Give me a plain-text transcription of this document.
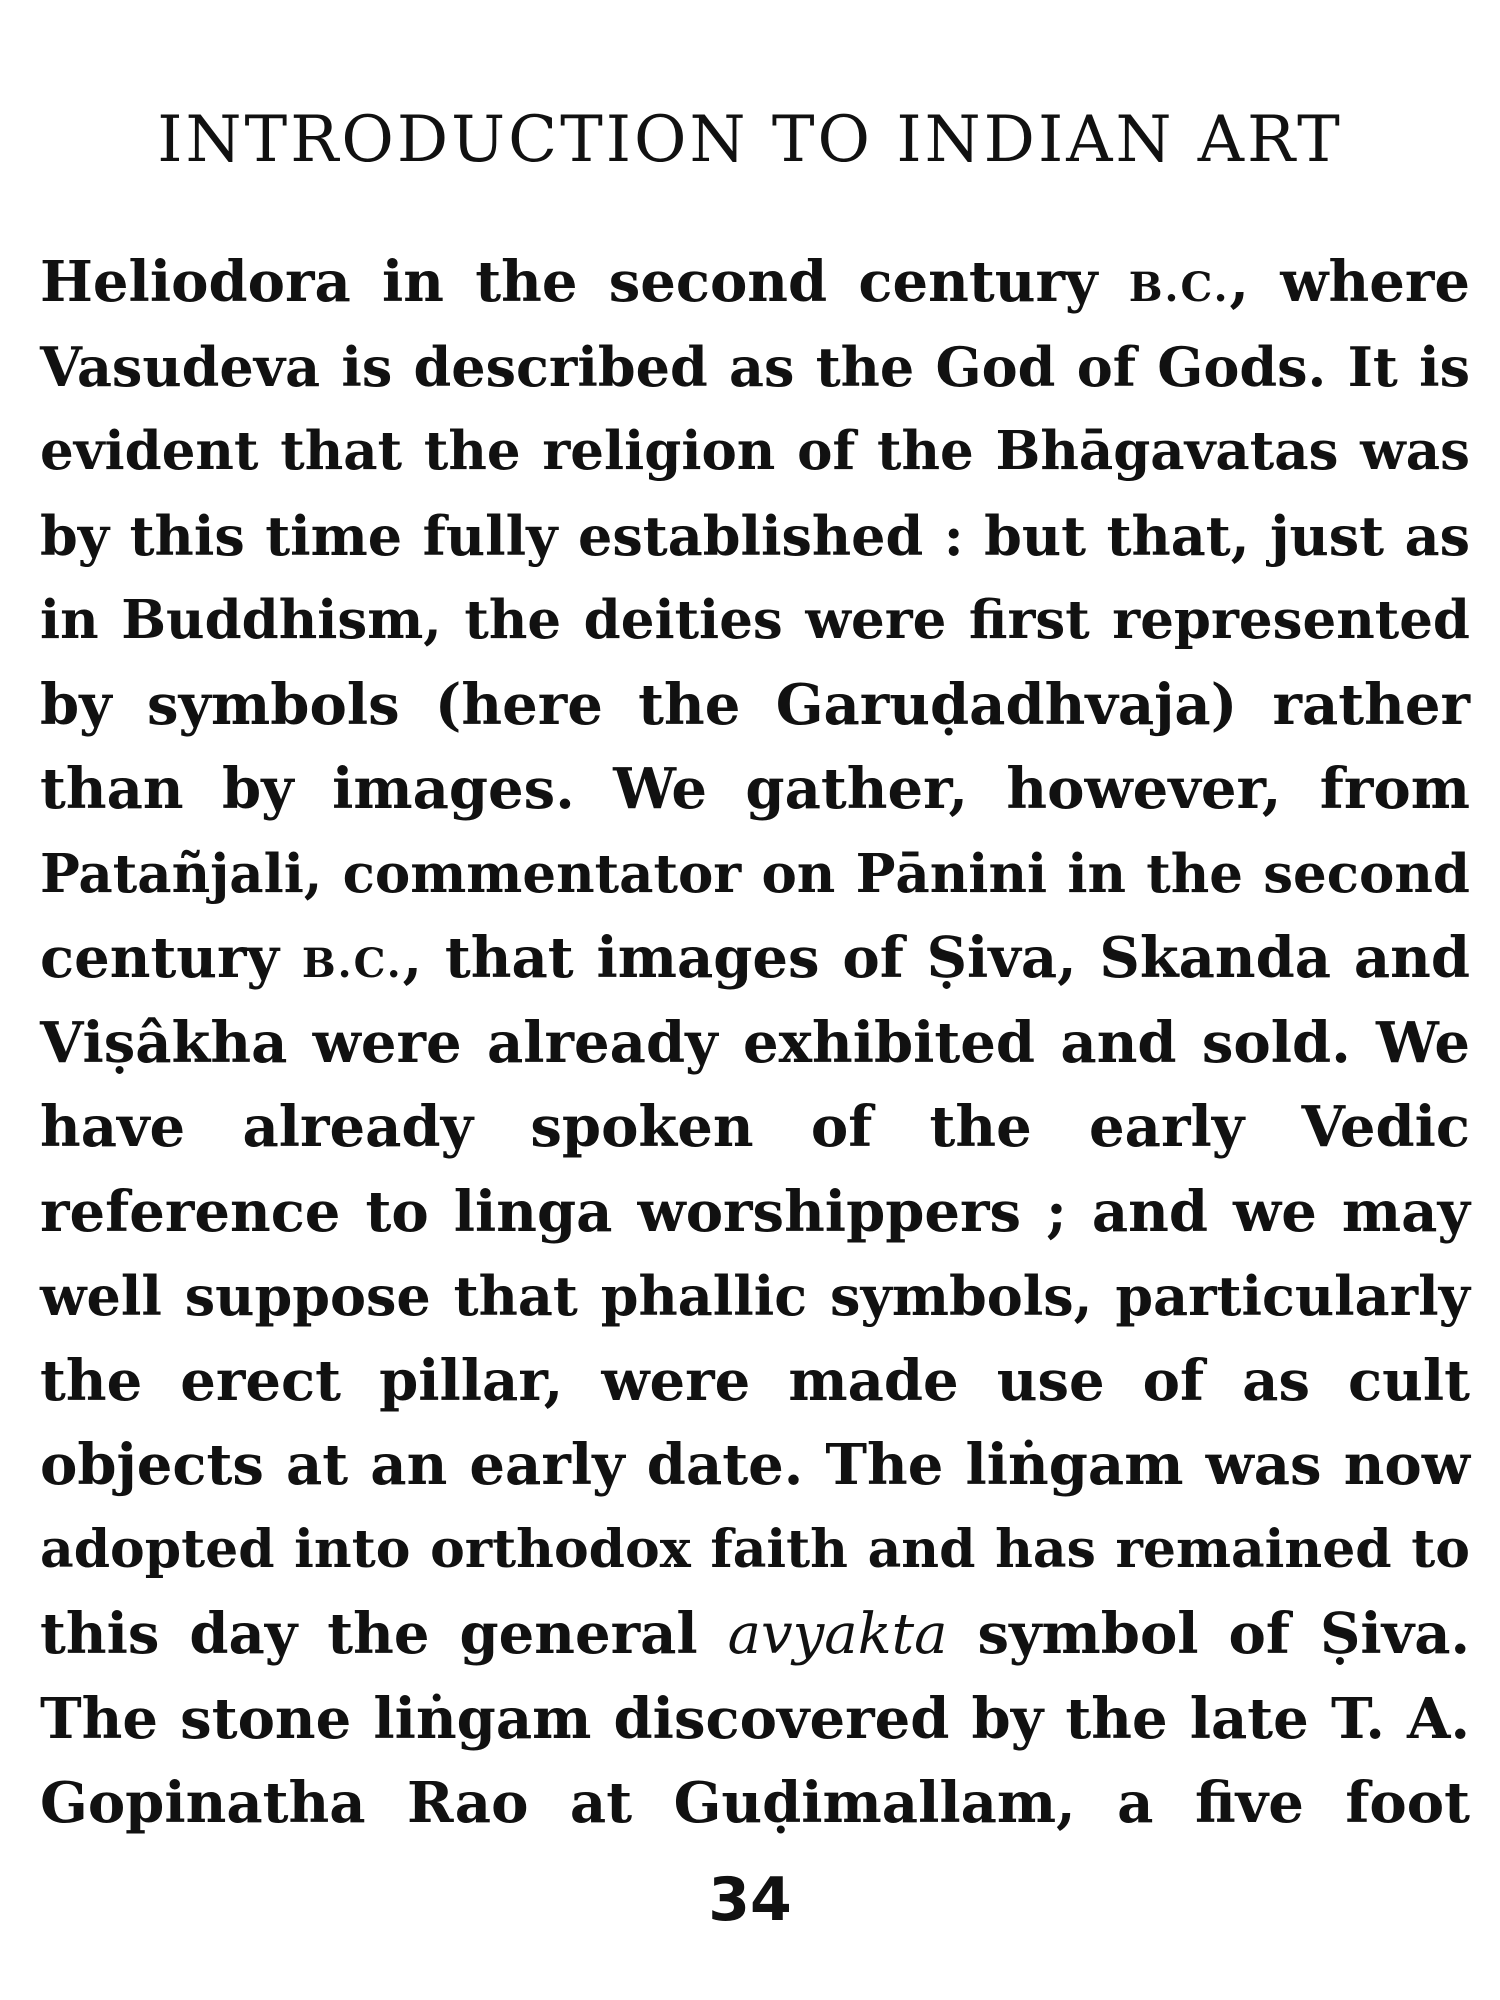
INTRODUCTION TO INDIAN ART
Heliodora in the second century B.C., where
Vasudeva is described as the God of Gods. It is
evident that the religion of the Bhāgavatas was
by this time fully established : but that, just as
in Buddhism, the deities were first represented
by symbols (here the Garuḍadhvaja) rather
than by images. We gather, however, from
Patañjali, commentator on Pānini in the second
century B.C., that images of Ṣiva, Skanda and
Viṣâkha were already exhibited and sold. We
have already spoken of the early Vedic
reference to linga worshippers ; and we may
well suppose that phallic symbols, particularly
the erect pillar, were made use of as cult
objects at an early date. The liṅgam was now
adopted into orthodox faith and has remained to
this day the general avyakta symbol of Ṣiva.
The stone liṅgam discovered by the late T. A.
Gopinatha Rao at Guḍimallam, a five foot
34
